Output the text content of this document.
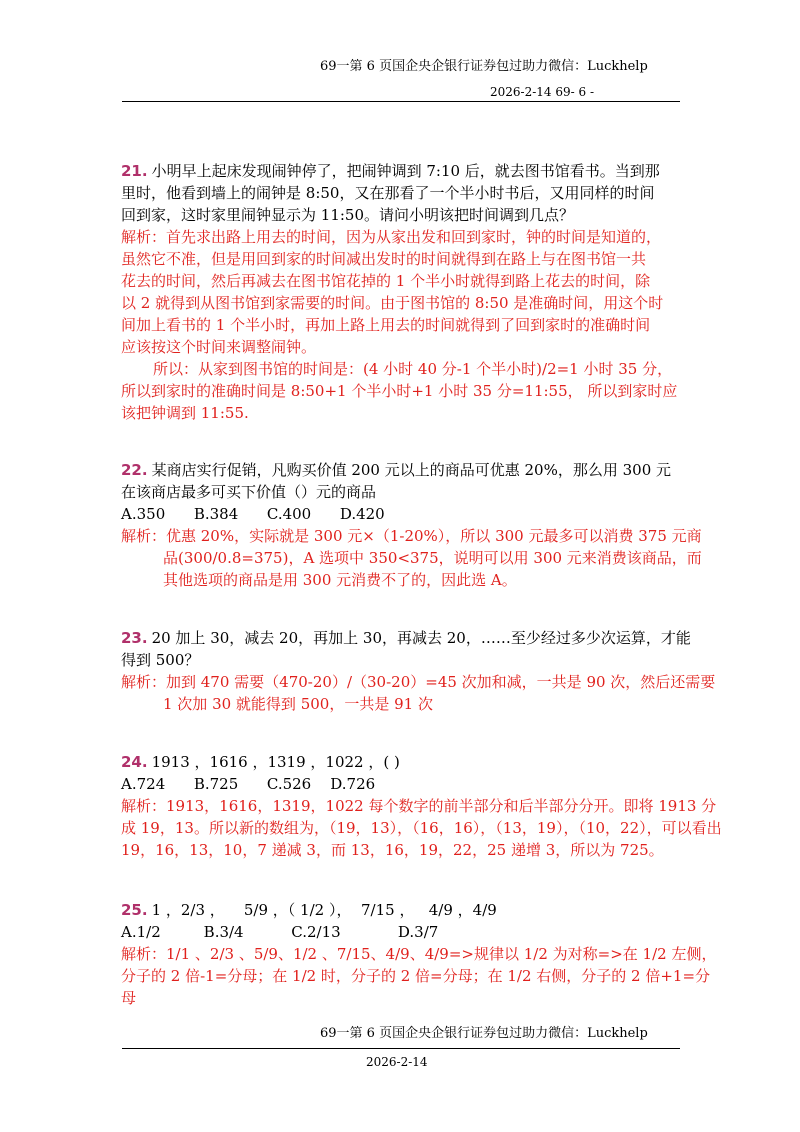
69一第 6 页国企央企银行证券包过助力微信：Luckhelp
2026-2-14 69- 6 -
21. 小明早上起床发现闹钟停了，把闹钟调到 7:10 后，就去图书馆看书。当到那
里时，他看到墙上的闹钟是 8:50，又在那看了一个半小时书后，又用同样的时间
回到家，这时家里闹钟显示为 11:50。请问小明该把时间调到几点？
解析：首先求出路上用去的时间，因为从家出发和回到家时，钟的时间是知道的，
虽然它不准，但是用回到家的时间减出发时的时间就得到在路上与在图书馆一共
花去的时间，然后再减去在图书馆花掉的 1 个半小时就得到路上花去的时间，除
以 2 就得到从图书馆到家需要的时间。由于图书馆的 8:50 是准确时间，用这个时
间加上看书的 1 个半小时，再加上路上用去的时间就得到了回到家时的准确时间
应该按这个时间来调整闹钟。
所以：从家到图书馆的时间是：(4 小时 40 分-1 个半小时)/2=1 小时 35 分，
所以到家时的准确时间是 8:50+1 个半小时+1 小时 35 分=11:55， 所以到家时应
该把钟调到 11:55.
22. 某商店实行促销，凡购买价值 200 元以上的商品可优惠 20%，那么用 300 元
在该商店最多可买下价值（）元的商品
A.350 B.384 C.400 D.420
解析：优惠 20%，实际就是 300 元×（1-20%），所以 300 元最多可以消费 375 元商
品(300/0.8=375)，A 选项中 350<375，说明可以用 300 元来消费该商品，而
其他选项的商品是用 300 元消费不了的，因此选 A。
23. 20 加上 30，减去 20，再加上 30，再减去 20，……至少经过多少次运算，才能
得到 500？
解析：加到 470 需要（470-20）/（30-20）=45 次加和减，一共是 90 次，然后还需要
1 次加 30 就能得到 500，一共是 91 次
24. 1913 ，1616 ，1319 ，1022 ，( )
A.724 B.725 C.526 D.726
解析：1913，1616，1319，1022 每个数字的前半部分和后半部分分开。即将 1913 分
成 19，13。所以新的数组为，（19，13），（16，16），（13，19），（10，22），可以看出
19，16，13，10，7 递减 3，而 13，16，19，22，25 递增 3，所以为 725。
25. 1 ，2/3 ，    5/9 ，（ 1/2 ），  7/15 ，   4/9 ，4/9
A.1/2	B.3/4	C.2/13	D.3/7
解析：1/1 、2/3 、5/9、1/2 、7/15、4/9、4/9=>规律以 1/2 为对称=>在 1/2 左侧，
分子的 2 倍-1=分母；在 1/2 时，分子的 2 倍=分母；在 1/2 右侧，分子的 2 倍+1=分
母
69一第 6 页国企央企银行证券包过助力微信：Luckhelp
2026-2-14
